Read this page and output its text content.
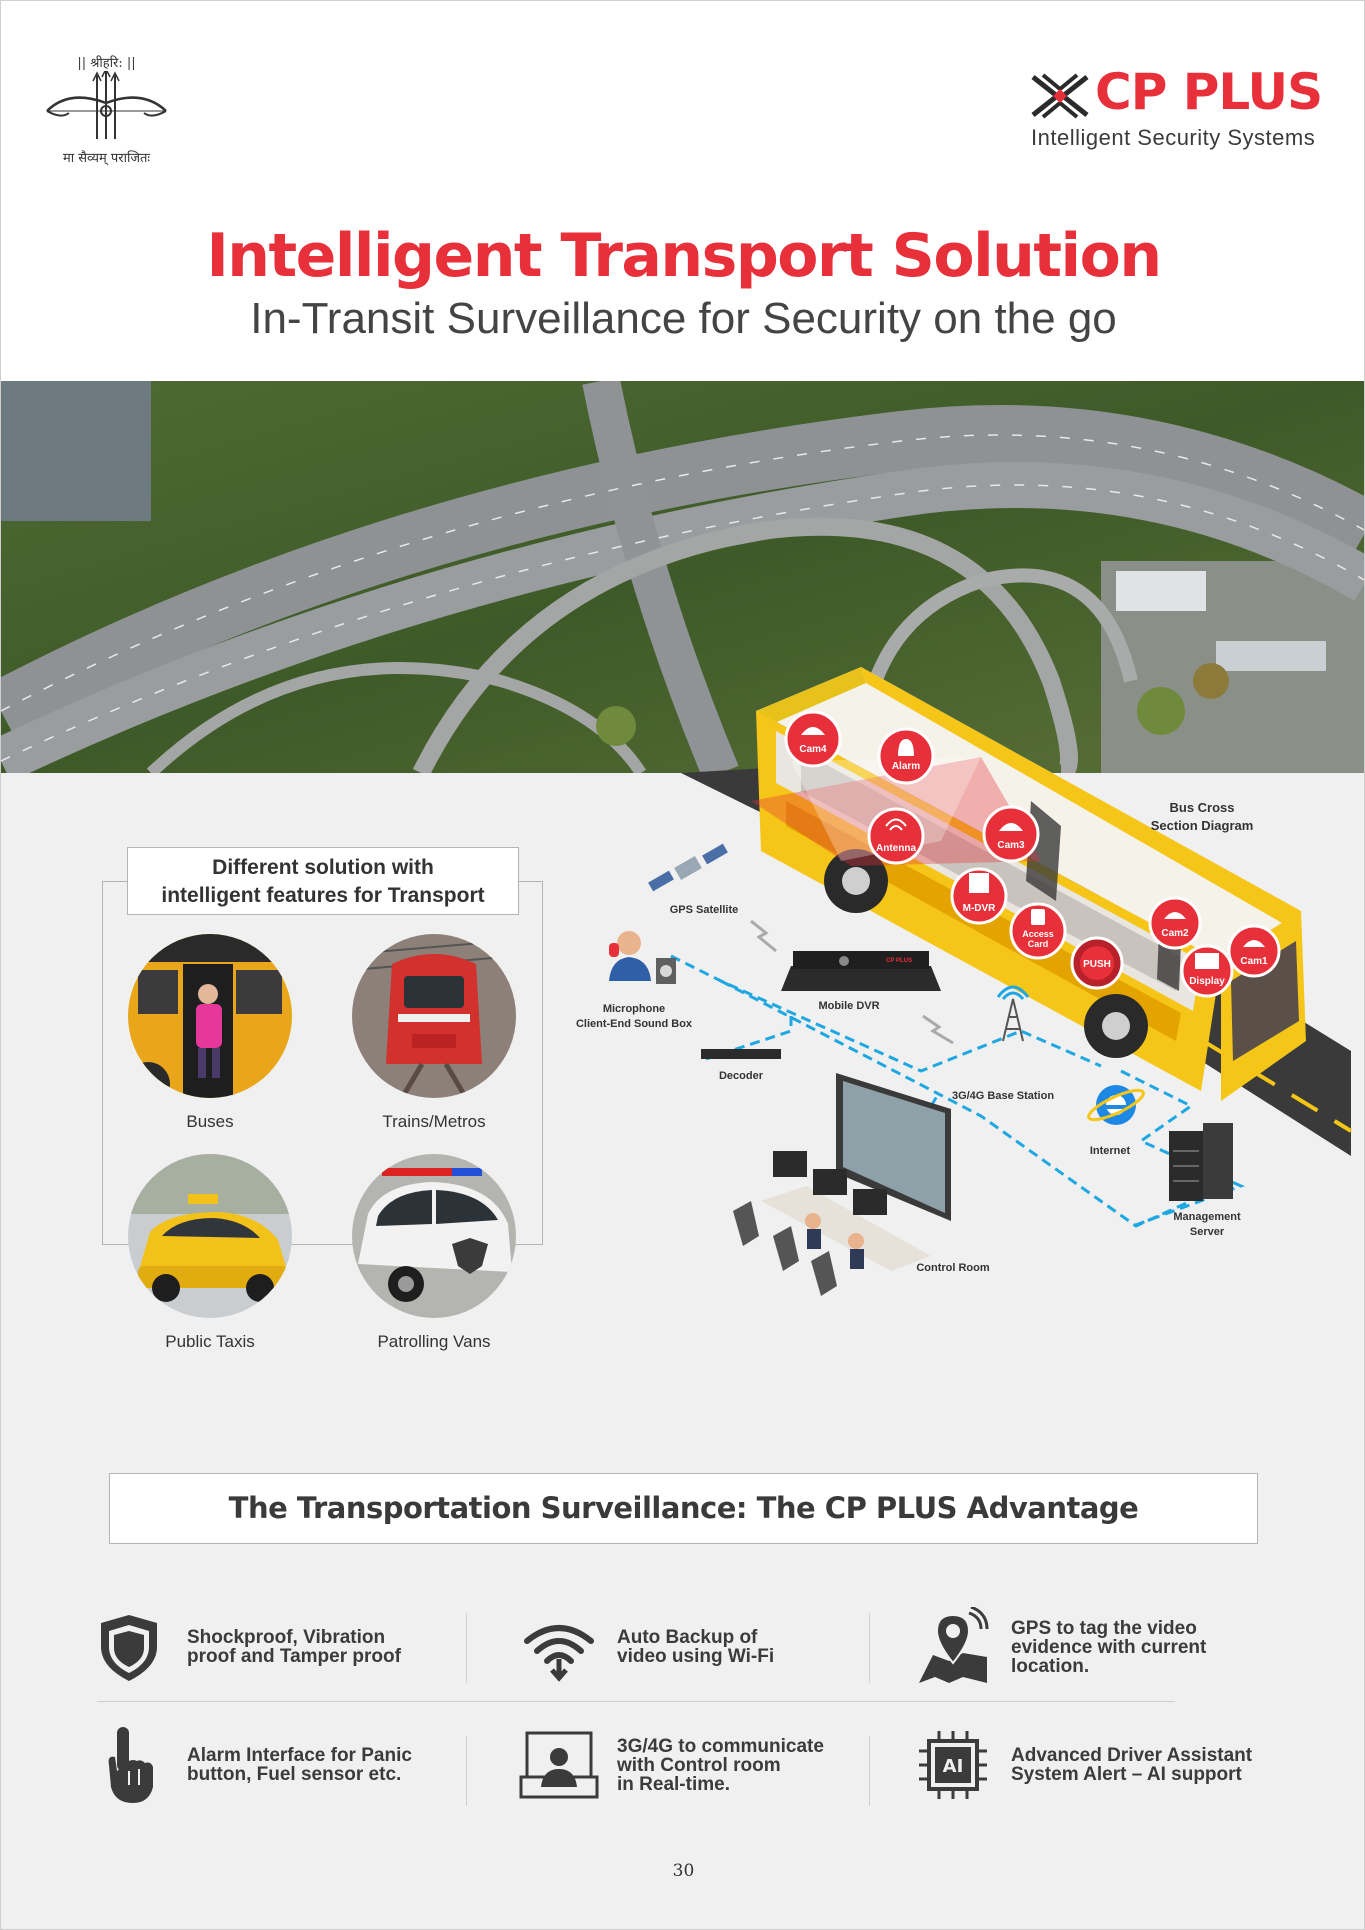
|| श्रीहरि: ||
मा सैव्यम् पराजितः
CP PLUS
Intelligent Security Systems
Intelligent Transport Solution
In-Transit Surveillance for Security on the go
Different solution with
intelligent features for Transport
Buses	Trains/Metros
Public Taxis	Patrolling Vans
Cam4
Alarm
Antenna	Cam3
M-DVR
Access
Card
PUSH
Cam2
Display
Cam1
Bus Cross
Section Diagram
GPS Satellite
Microphone
Client-End Sound Box
CP PLUS
Mobile DVR
Decoder
3G/4G Base Station
Internet
Management
Server
Control Room
The Transportation Surveillance: The CP PLUS Advantage
Shockproof, Vibration
proof and Tamper proof
Auto Backup of
video using Wi-Fi
GPS to tag the video
evidence with current
location.
Alarm Interface for Panic
button, Fuel sensor etc.
3G/4G to communicate
with Control room
in Real-time.
AI
Advanced Driver Assistant
System Alert – AI support
30
